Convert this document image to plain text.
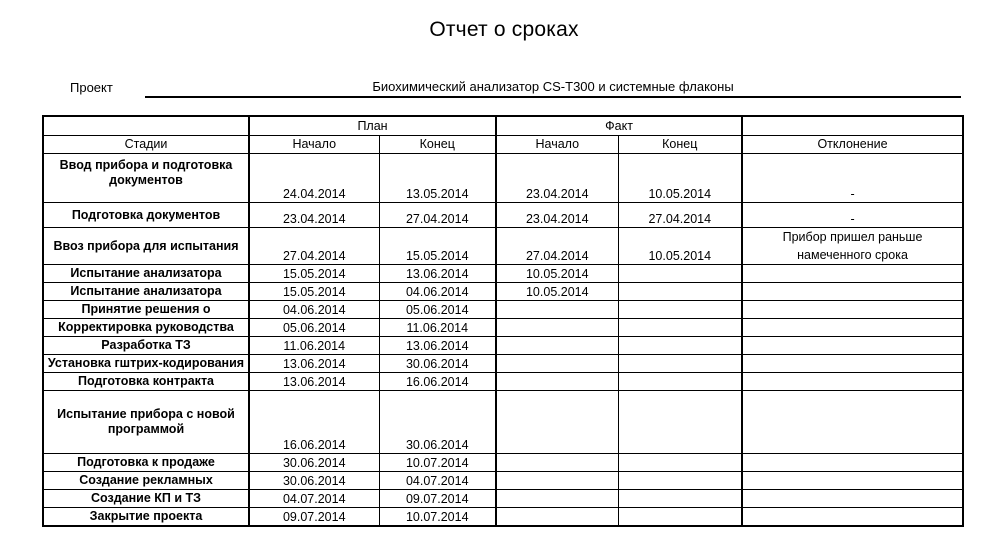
Отчет о сроках
Проект	Биохимический анализатор CS-T300 и системные флаконы
	План		Факт		
Стадии	Начало	Конец	Начало	Конец	Отклонение
Ввод прибора и подготовка документов	24.04.2014	13.05.2014	23.04.2014	10.05.2014	-
Подготовка документов	23.04.2014	27.04.2014	23.04.2014	27.04.2014	-
Ввоз прибора для испытания	27.04.2014	15.05.2014	27.04.2014	10.05.2014	Прибор пришел раньше намеченного срока
Испытание анализатора	15.05.2014	13.06.2014	10.05.2014		
Испытание анализатора	15.05.2014	04.06.2014	10.05.2014		
Принятие решения о	04.06.2014	05.06.2014			
Корректировка руководства	05.06.2014	11.06.2014			
Разработка ТЗ	11.06.2014	13.06.2014			
Установка гштрих-кодирования	13.06.2014	30.06.2014			
Подготовка контракта	13.06.2014	16.06.2014			
Испытание прибора с новой программой	16.06.2014	30.06.2014			
Подготовка к продаже	30.06.2014	10.07.2014			
Создание рекламных	30.06.2014	04.07.2014			
Создание КП и ТЗ	04.07.2014	09.07.2014			
Закрытие проекта	09.07.2014	10.07.2014			
